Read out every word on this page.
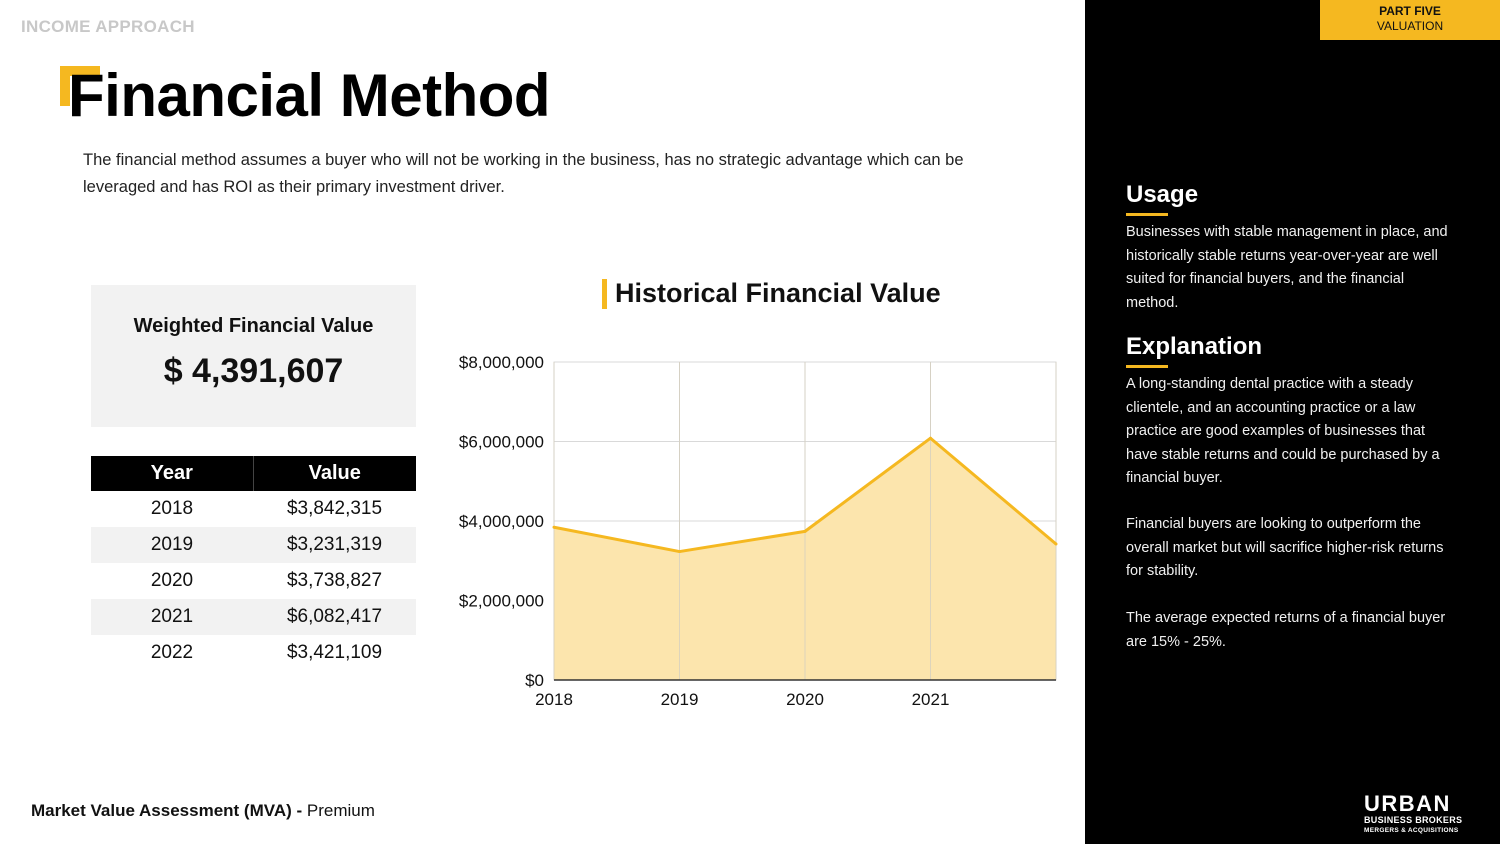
INCOME APPROACH
Financial Method

The financial method assumes a buyer who will not be working in the business, has no strategic advantage which can be leveraged and has ROI as their primary investment driver.

Weighted Financial Value
$ 4,391,607
Year	Value
2018	$3,842,315
2019	$3,231,319
2020	$3,738,827
2021	$6,082,417
2022	$3,421,109
Historical Financial Value
$0
$2,000,000
$4,000,000
$6,000,000
$8,000,000
2018	2019	2020	2021
Market Value Assessment (MVA) - Premium
PART FIVE
VALUATION
Usage

Businesses with stable management in place, and historically stable returns year-over-year are well suited for financial buyers, and the financial method.

Explanation

A long-standing dental practice with a steady clientele, and an accounting practice or a law practice are good examples of businesses that have stable returns and could be purchased by a financial buyer.

Financial buyers are looking to outperform the overall market but will sacrifice higher-risk returns for stability.

The average expected returns of a financial buyer are 15% - 25%.

URBAN
BUSINESS BROKERS
MERGERS & ACQUISITIONS
